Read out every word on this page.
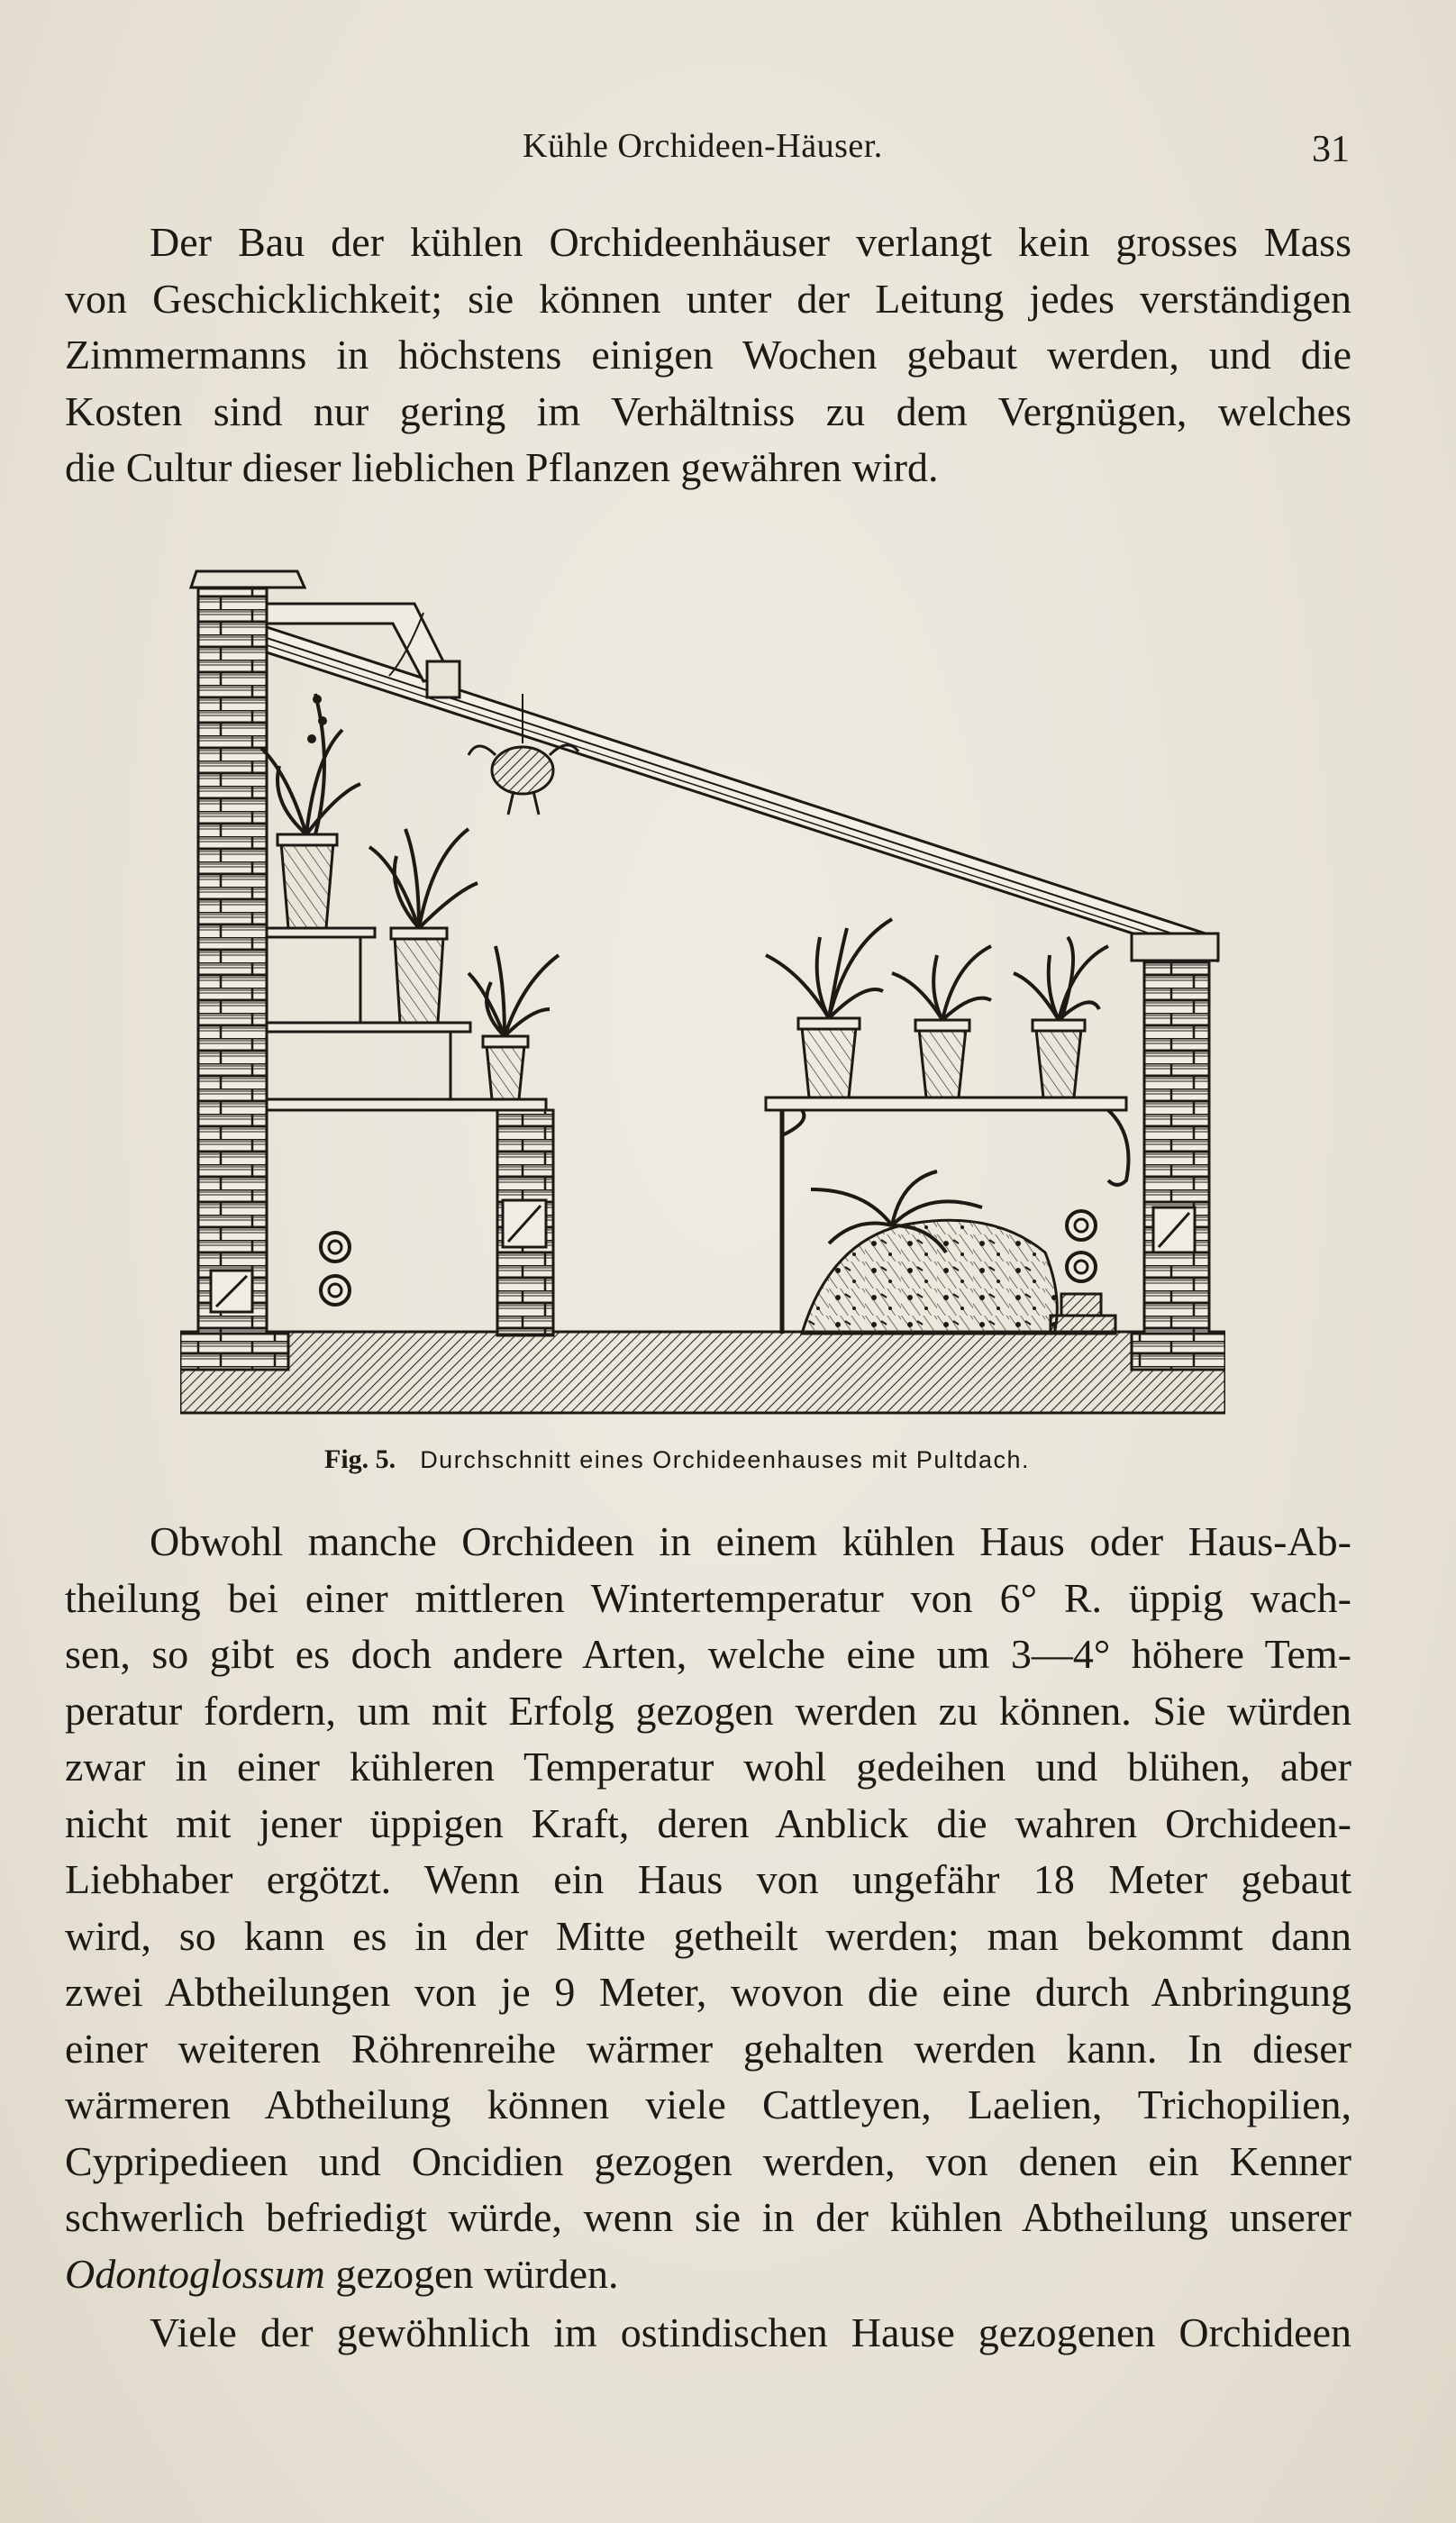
Kühle Orchideen-Häuser.	31
Der Bau der kühlen Orchideenhäuser verlangt kein grosses Mass
von Geschicklichkeit; sie können unter der Leitung jedes verständigen
Zimmermanns in höchstens einigen Wochen gebaut werden, und die
Kosten sind nur gering im Verhältniss zu dem Vergnügen, welches
die Cultur dieser lieblichen Pflanzen gewähren wird.
Fig. 5. Durchschnitt eines Orchideenhauses mit Pultdach.
Obwohl manche Orchideen in einem kühlen Haus oder Haus-Ab-
theilung bei einer mittleren Wintertemperatur von 6° R. üppig wach-
sen, so gibt es doch andere Arten, welche eine um 3—4° höhere Tem-
peratur fordern, um mit Erfolg gezogen werden zu können. Sie würden
zwar in einer kühleren Temperatur wohl gedeihen und blühen, aber
nicht mit jener üppigen Kraft, deren Anblick die wahren Orchideen-
Liebhaber ergötzt. Wenn ein Haus von ungefähr 18 Meter gebaut
wird, so kann es in der Mitte getheilt werden; man bekommt dann
zwei Abtheilungen von je 9 Meter, wovon die eine durch Anbringung
einer weiteren Röhrenreihe wärmer gehalten werden kann. In dieser
wärmeren Abtheilung können viele Cattleyen, Laelien, Trichopilien,
Cypripedieen und Oncidien gezogen werden, von denen ein Kenner
schwerlich befriedigt würde, wenn sie in der kühlen Abtheilung unserer
Odontoglossum gezogen würden.
Viele der gewöhnlich im ostindischen Hause gezogenen Orchideen
